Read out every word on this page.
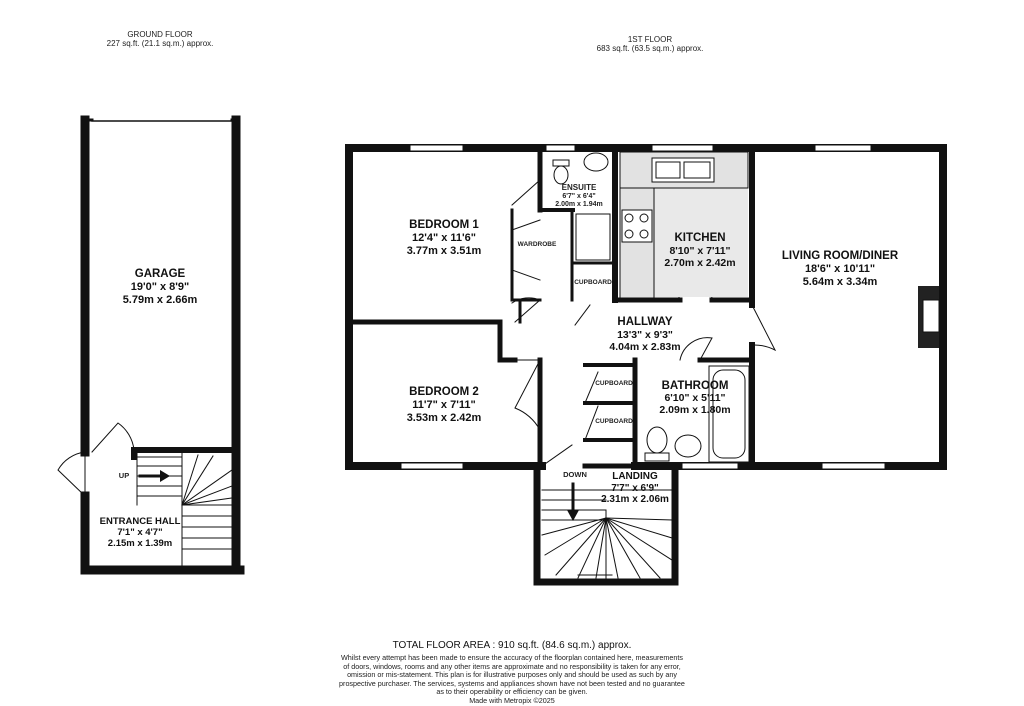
GROUND FLOOR
227 sq.ft. (21.1 sq.m.) approx.	1ST FLOOR
683 sq.ft. (63.5 sq.m.) approx.
GARAGE
19'0" x 8'9"
5.79m x 2.66m
ENTRANCE HALL
7'1" x 4'7"
2.15m x 1.39m
BEDROOM 1
12'4" x 11'6"
3.77m x 3.51m
ENSUITE
6'7" x 6'4"
2.00m x 1.94m
KITCHEN
8'10" x 7'11"
2.70m x 2.42m
LIVING ROOM/DINER
18'6" x 10'11"
5.64m x 3.34m
HALLWAY
13'3" x 9'3"
4.04m x 2.83m
BEDROOM 2
11'7" x 7'11"
3.53m x 2.42m
BATHROOM
6'10" x 5'11"
2.09m x 1.80m
LANDING
7'7" x 6'9"
2.31m x 2.06m
WARDROBE
CUPBOARD
CUPBOARD
CUPBOARD
UP	DOWN
TOTAL FLOOR AREA : 910 sq.ft. (84.6 sq.m.) approx.
Whilst every attempt has been made to ensure the accuracy of the floorplan contained here, measurements
of doors, windows, rooms and any other items are approximate and no responsibility is taken for any error,
omission or mis-statement. This plan is for illustrative purposes only and should be used as such by any
prospective purchaser. The services, systems and appliances shown have not been tested and no guarantee
as to their operability or efficiency can be given.
Made with Metropix ©2025
